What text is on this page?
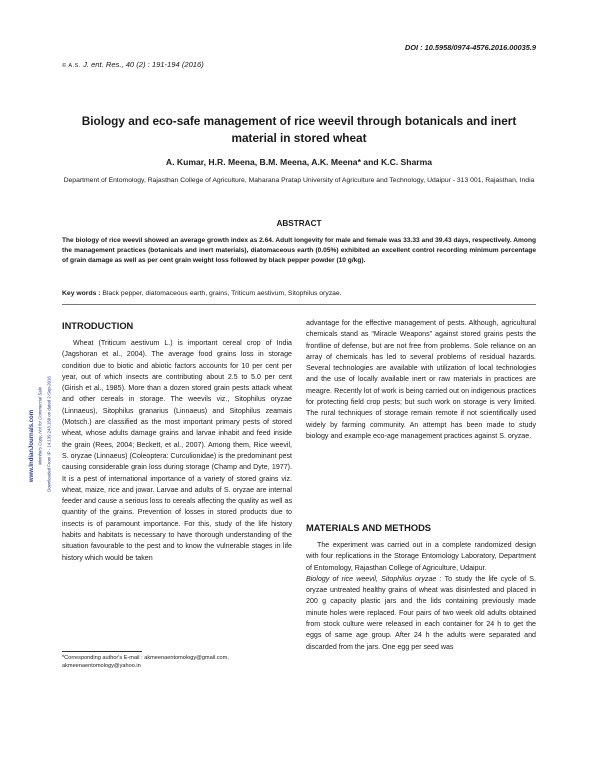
DOI : 10.5958/0974-4576.2016.00035.9
© A.S. J. ent. Res., 40 (2) : 191-194 (2016)
Biology and eco-safe management of rice weevil through botanicals and inert material in stored wheat
A. Kumar, H.R. Meena, B.M. Meena, A.K. Meena* and K.C. Sharma
Department of Entomology, Rajasthan College of Agriculture, Maharana Pratap University of Agriculture and Technology, Udaipur - 313 001, Rajasthan, India
ABSTRACT
The biology of rice weevil showed an average growth index as 2.64. Adult longevity for male and female was 33.33 and 39.43 days, respectively. Among the management practices (botanicals and inert materials), diatomaceous earth (0.05%) exhibited an excellent control recording minimum percentage of grain damage as well as per cent grain weight loss followed by black pepper powder (10 g/kg).
Key words : Black pepper, diatomaceous earth, grains, Triticum aestivum, Sitophilus oryzae.
www.IndianJournals.com Members Copy, Not for Commercial Sale Downloaded From IP - 14.139.243.150 on dated 2-Sep-2016
INTRODUCTION

Wheat (Triticum aestivum L.) is important cereal crop of India (Jagshoran et al., 2004). The average food grains loss in storage condition due to biotic and abiotic factors accounts for 10 per cent per year, out of which insects are contributing about 2.5 to 5.0 per cent (Girish et al., 1985). More than a dozen stored grain pests attack wheat and other cereals in storage. The weevils viz., Sitophilus oryzae (Linnaeus), Sitophilus granarius (Linnaeus) and Sitophilus zeamais (Motsch.) are classified as the most important primary pests of stored wheat, whose adults damage grains and larvae inhabit and feed inside the grain (Rees, 2004; Beckett, et al., 2007). Among them, Rice weevil, S. oryzae (Linnaeus) (Coleoptera: Curculionidae) is the predominant pest causing considerable grain loss during storage (Champ and Dyte, 1977). It is a pest of international importance of a variety of stored grains viz. wheat, maize, rice and jowar. Larvae and adults of S. oryzae are internal feeder and cause a serious loss to cereals affecting the quality as well as quantity of the grains. Prevention of losses in stored products due to insects is of paramount importance. For this, study of the life history habits and habitats is necessary to have thorough understanding of the situation favourable to the pest and to know the vulnerable stages in life history which would be taken

advantage for the effective management of pests. Although, agricultural chemicals stand as “Miracle Weapons” against stored grains pests the frontline of defense, but are not free from problems. Sole reliance on an array of chemicals has led to several problems of residual hazards. Several technologies are available with utilization of local technologies and the use of locally available inert or raw materials in practices are meagre. Recently lot of work is being carried out on indigenous practices for protecting field crop pests; but such work on storage is very limited. The rural techniques of storage remain remote if not scientifically used widely by farming community. An attempt has been made to study biology and example eco-age management practices against S. oryzae.

MATERIALS AND METHODS

The experiment was carried out in a complete randomized design with four replications in the Storage Entomology Laboratory, Department of Entomology, Rajasthan College of Agriculture, Udaipur.

Biology of rice weevil, Sitophilus oryzae : To study the life cycle of S. oryzae untreated healthy grains of wheat was disinfested and placed in 200 g capacity plastic jars and the lids containing previously made minute holes were replaced. Four pairs of two week old adults obtained from stock culture were released in each container for 24 h to get the eggs of same age group. After 24 h the adults were separated and discarded from the jars. One egg per seed was

*Corresponding author's E-mail : akmeenaentomology@gmail.com, akmeenaentomology@yahoo.in
